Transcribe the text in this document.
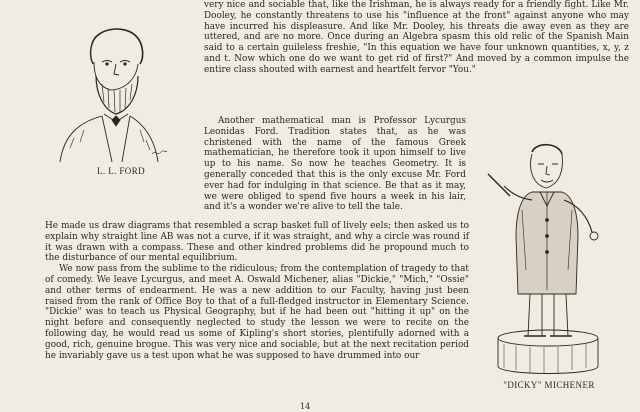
L. L. FORD

very nice and sociable that, like the Irishman, he is always ready for a friendly fight. Like Mr. Dooley, he constantly threatens to use his "influence at the front" against anyone who may have incurred his displeasure. And like Mr. Dooley, his threats die away even as they are uttered, and are no more. Once during an Algebra spasm this old relic of the Spanish Main said to a certain guileless freshie, "In this equation we have four unknown quantities, x, y, z and t. Now which one do we want to get rid of first?" And moved by a common impulse the entire class shouted with earnest and heartfelt fervor "You."

Another mathematical man is Professor Lycurgus Leonidas Ford. Tradition states that, as he was christened with the name of the famous Greek mathematician, he therefore took it upon himself to live up to his name. So now he teaches Geometry. It is generally conceded that this is the only excuse Mr. Ford ever had for indulging in that science. Be that as it may, we were obliged to spend five hours a week in his lair, and it's a wonder we're alive to tell the tale.

He made us draw diagrams that resembled a scrap basket full of lively eels; then asked us to explain why straight line AB was not a curve, if it was straight, and why a circle was round if it was drawn with a compass. These and other kindred problems did he propound much to the disturbance of our mental equilibrium.

We now pass from the sublime to the ridiculous; from the contemplation of tragedy to that of comedy. We leave Lycurgus, and meet A. Oswald Michener, alias "Dickie," "Mich," "Ossie" and other terms of endearment. He was a new addition to our Faculty, having just been raised from the rank of Office Boy to that of a full-fledged instructor in Elementary Science. "Dickie" was to teach us Physical Geography, but if he had been out "hitting it up" on the night before and consequently neglected to study the lesson we were to recite on the following day, he would read us some of Kipling's short stories, plentifully adorned with a good, rich, genuine brogue. This was very nice and sociable, but at the next recitation period he invariably gave us a test upon what he was supposed to have drummed into our

"DICKY" MICHENER
14
